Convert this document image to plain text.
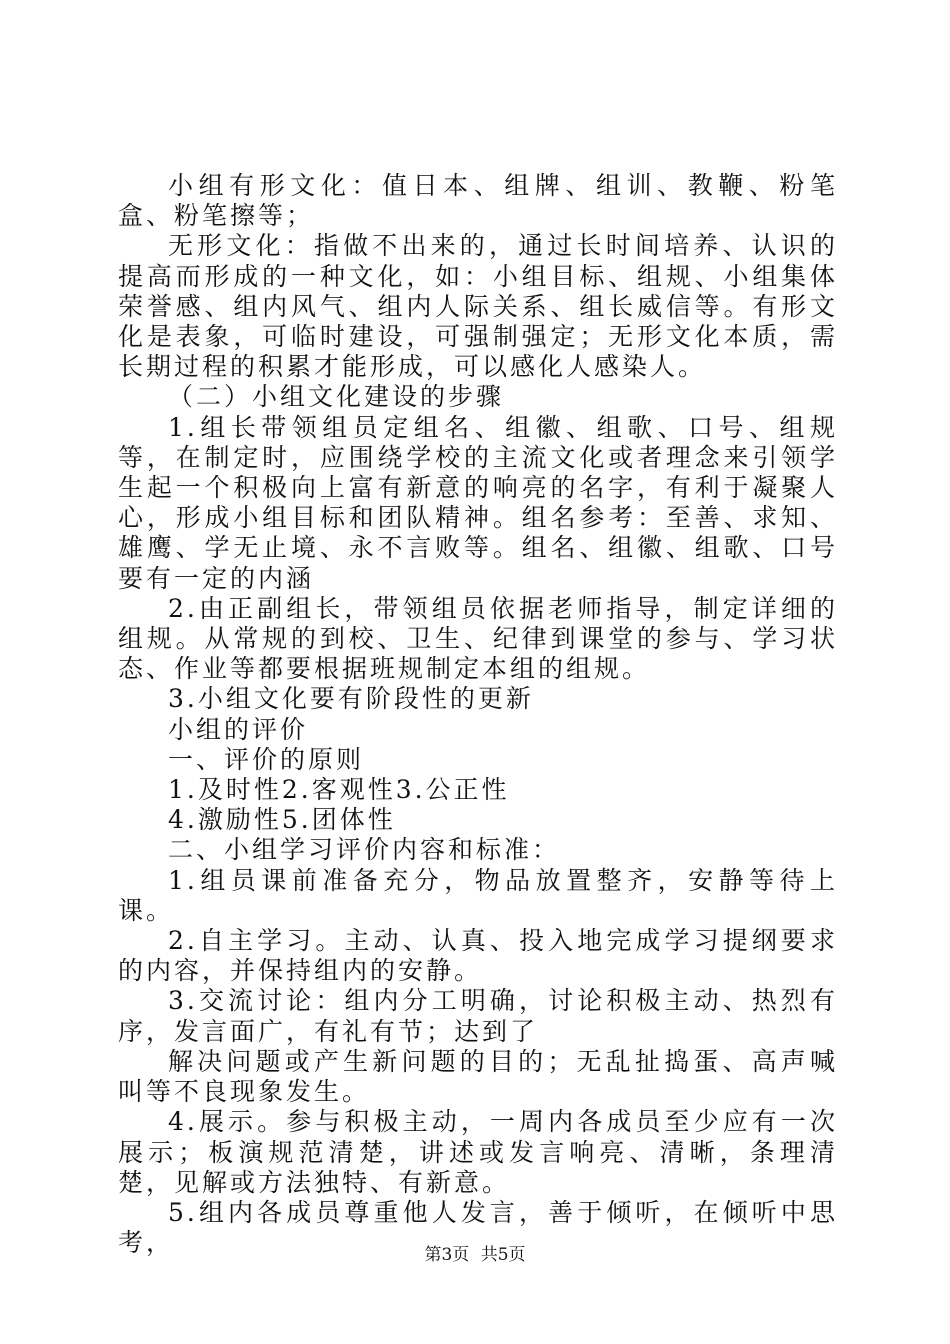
小组有形文化：值日本、组牌、组训、教鞭、粉笔盒、粉笔擦等；

无形文化：指做不出来的，通过长时间培养、认识的提高而形成的一种文化，如：小组目标、组规、小组集体荣誉感、组内风气、组内人际关系、组长威信等。有形文化是表象，可临时建设，可强制强定；无形文化本质，需长期过程的积累才能形成，可以感化人感染人。

（二）小组文化建设的步骤

1.组长带领组员定组名、组徽、组歌、口号、组规等，在制定时，应围绕学校的主流文化或者理念来引领学生起一个积极向上富有新意的响亮的名字，有利于凝聚人心，形成小组目标和团队精神。组名参考：至善、求知、雄鹰、学无止境、永不言败等。组名、组徽、组歌、口号要有一定的内涵

2.由正副组长，带领组员依据老师指导，制定详细的组规。从常规的到校、卫生、纪律到课堂的参与、学习状态、作业等都要根据班规制定本组的组规。

3.小组文化要有阶段性的更新

小组的评价

一、评价的原则

1.及时性2.客观性3.公正性

4.激励性5.团体性

二、小组学习评价内容和标准：

1.组员课前准备充分，物品放置整齐，安静等待上课。

2.自主学习。主动、认真、投入地完成学习提纲要求的内容，并保持组内的安静。

3.交流讨论：组内分工明确，讨论积极主动、热烈有序，发言面广，有礼有节；达到了

解决问题或产生新问题的目的；无乱扯捣蛋、高声喊叫等不良现象发生。

4.展示。参与积极主动，一周内各成员至少应有一次展示；板演规范清楚，讲述或发言响亮、清晰，条理清楚，见解或方法独特、有新意。

5.组内各成员尊重他人发言，善于倾听，在倾听中思考，	第3页 共5页
